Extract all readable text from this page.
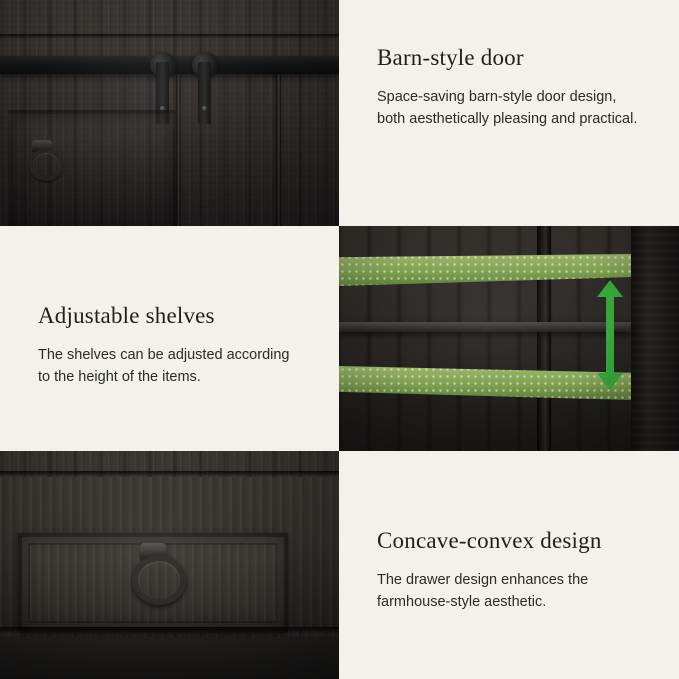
Barn-style door

Space-saving barn-style door design, both aesthetically pleasing and practical.

Adjustable shelves

The shelves can be adjusted according to the height of the items.

Concave-convex design

The drawer design enhances the farmhouse-style aesthetic.
